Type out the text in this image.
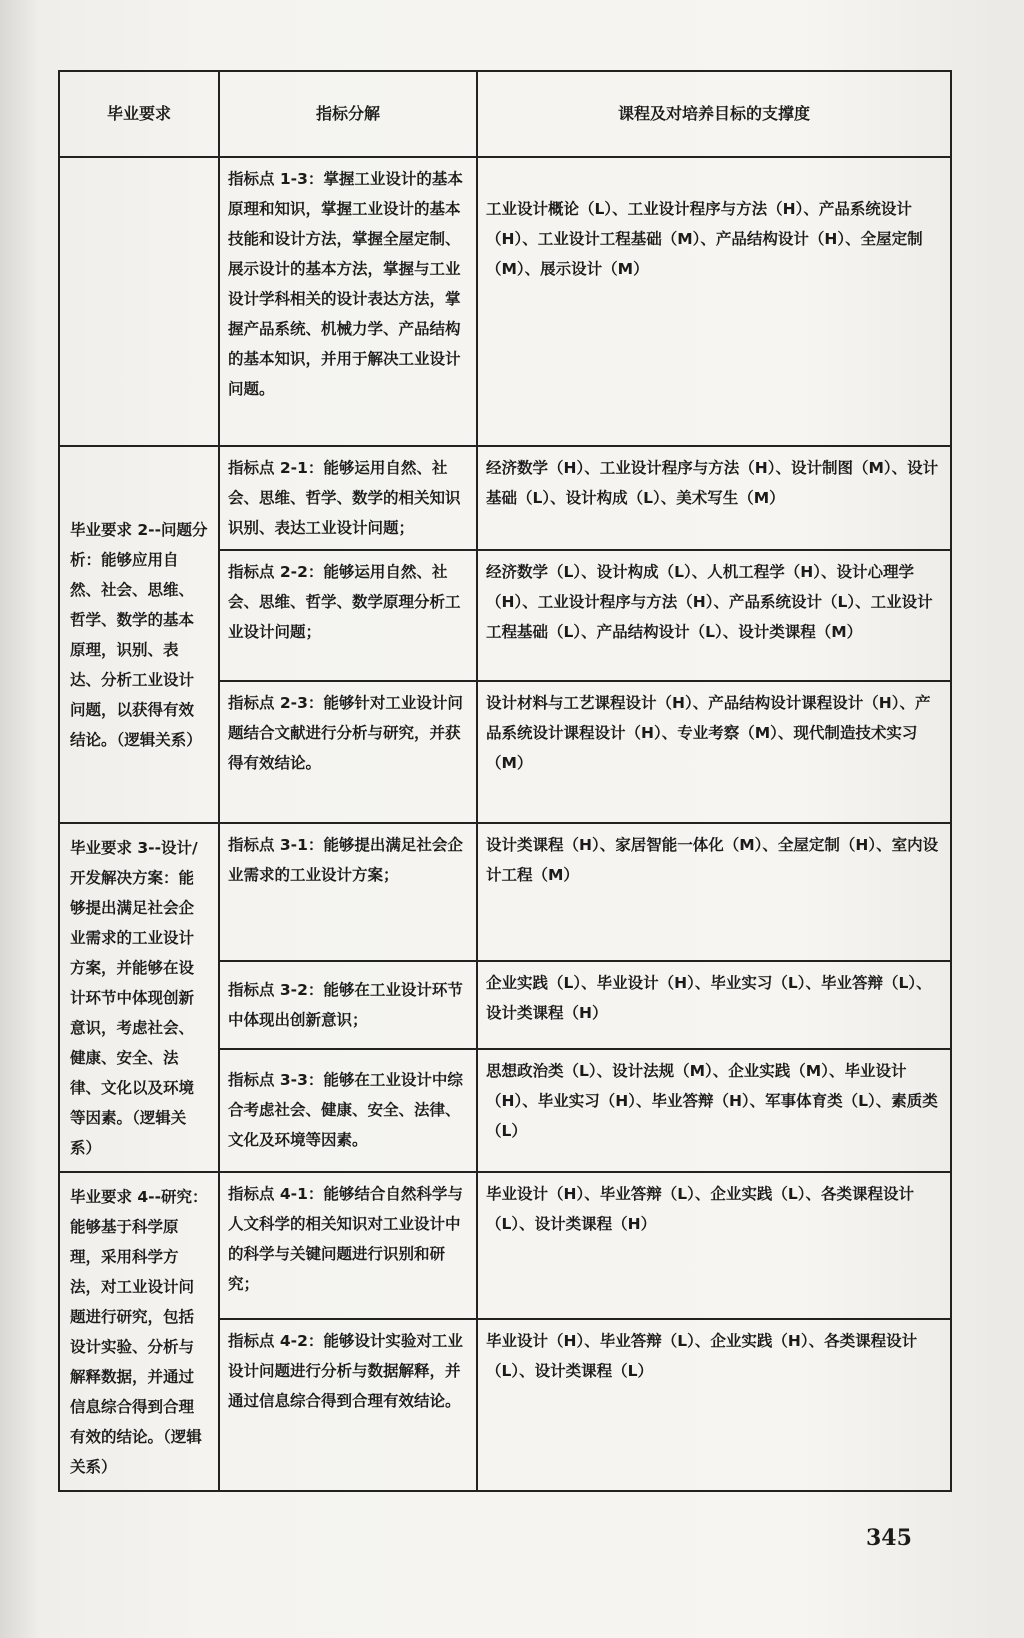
毕业要求	指标分解	课程及对培养目标的支撑度
	指标点 1-3：掌握工业设计的基本原理和知识，掌握工业设计的基本技能和设计方法，掌握全屋定制、展示设计的基本方法，掌握与工业设计学科相关的设计表达方法，掌握产品系统、机械力学、产品结构的基本知识，并用于解决工业设计问题。	工业设计概论（L）、工业设计程序与方法（H）、产品系统设计（H）、工业设计工程基础（M）、产品结构设计（H）、全屋定制（M）、展示设计（M）
毕业要求 2--问题分析：能够应用自然、社会、思维、哲学、数学的基本原理，识别、表达、分析工业设计问题，以获得有效结论。（逻辑关系）	指标点 2-1：能够运用自然、社会、思维、哲学、数学的相关知识识别、表达工业设计问题；	经济数学（H）、工业设计程序与方法（H）、设计制图（M）、设计基础（L）、设计构成（L）、美术写生（M）
	指标点 2-2：能够运用自然、社会、思维、哲学、数学原理分析工业设计问题；	经济数学（L）、设计构成（L）、人机工程学（H）、设计心理学（H）、工业设计程序与方法（H）、产品系统设计（L）、工业设计工程基础（L）、产品结构设计（L）、设计类课程（M）
	指标点 2-3：能够针对工业设计问题结合文献进行分析与研究，并获得有效结论。	设计材料与工艺课程设计（H）、产品结构设计课程设计（H）、产品系统设计课程设计（H）、专业考察（M）、现代制造技术实习（M）
毕业要求 3--设计/开发解决方案：能够提出满足社会企业需求的工业设计方案，并能够在设计环节中体现创新意识，考虑社会、健康、安全、法律、文化以及环境等因素。（逻辑关系）	指标点 3-1：能够提出满足社会企业需求的工业设计方案；	设计类课程（H）、家居智能一体化（M）、全屋定制（H）、室内设计工程（M）
	指标点 3-2：能够在工业设计环节中体现出创新意识；	企业实践（L）、毕业设计（H）、毕业实习（L）、毕业答辩（L）、设计类课程（H）
	指标点 3-3：能够在工业设计中综合考虑社会、健康、安全、法律、文化及环境等因素。	思想政治类（L）、设计法规（M）、企业实践（M）、毕业设计（H）、毕业实习（H）、毕业答辩（H）、军事体育类（L）、素质类（L）
毕业要求 4--研究：能够基于科学原理，采用科学方法，对工业设计问题进行研究，包括设计实验、分析与解释数据，并通过信息综合得到合理有效的结论。（逻辑关系）	指标点 4-1：能够结合自然科学与人文科学的相关知识对工业设计中的科学与关键问题进行识别和研究；	毕业设计（H）、毕业答辩（L）、企业实践（L）、各类课程设计（L）、设计类课程（H）
	指标点 4-2：能够设计实验对工业设计问题进行分析与数据解释，并通过信息综合得到合理有效结论。	毕业设计（H）、毕业答辩（L）、企业实践（H）、各类课程设计（L）、设计类课程（L）
345
